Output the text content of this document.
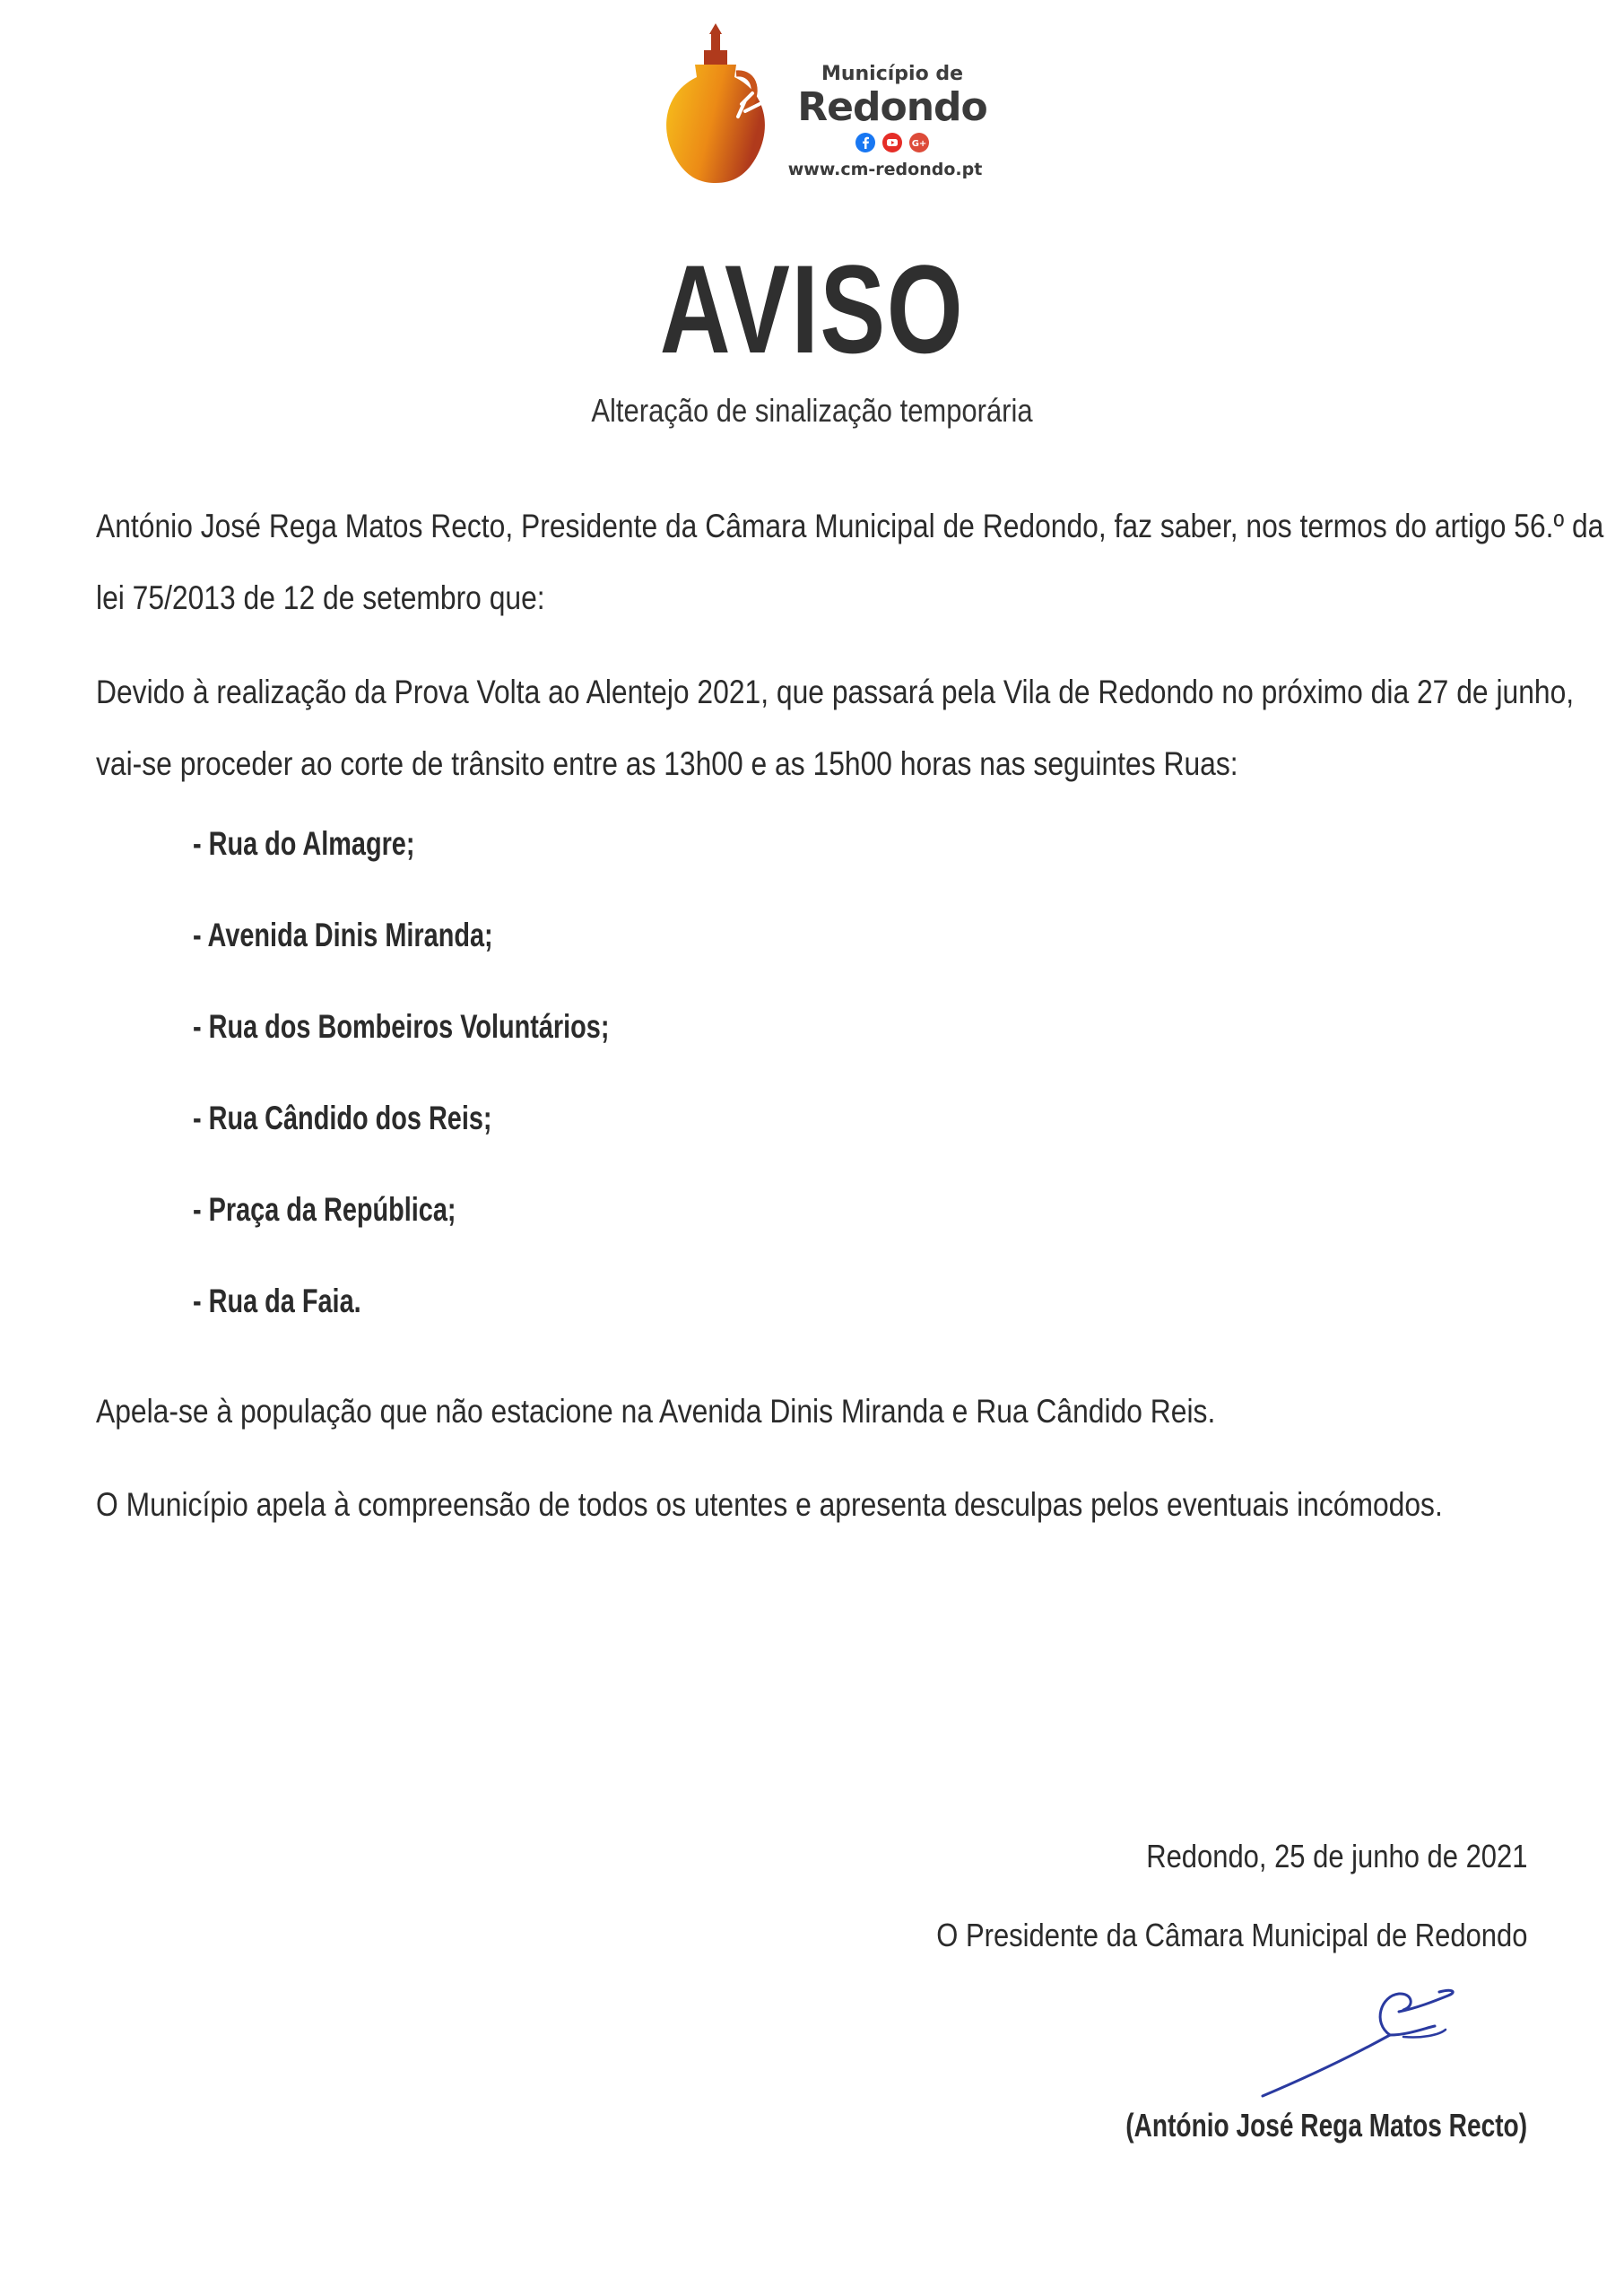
Município de
Redondo
G+
www.cm-redondo.pt
AVISO
Alteração de sinalização temporária

António José Rega Matos Recto, Presidente da Câmara Municipal de Redondo, faz saber, nos termos do artigo 56.º da
lei 75/2013 de 12 de setembro que:

Devido à realização da Prova Volta ao Alentejo 2021, que passará pela Vila de Redondo no próximo dia 27 de junho,
vai-se proceder ao corte de trânsito entre as 13h00 e as 15h00 horas nas seguintes Ruas:

- Rua do Almagre;
- Avenida Dinis Miranda;
- Rua dos Bombeiros Voluntários;
- Rua Cândido dos Reis;
- Praça da República;
- Rua da Faia.

Apela-se à população que não estacione na Avenida Dinis Miranda e Rua Cândido Reis.

O Município apela à compreensão de todos os utentes e apresenta desculpas pelos eventuais incómodos.

Redondo, 25 de junho de 2021
O Presidente da Câmara Municipal de Redondo
(António José Rega Matos Recto)
